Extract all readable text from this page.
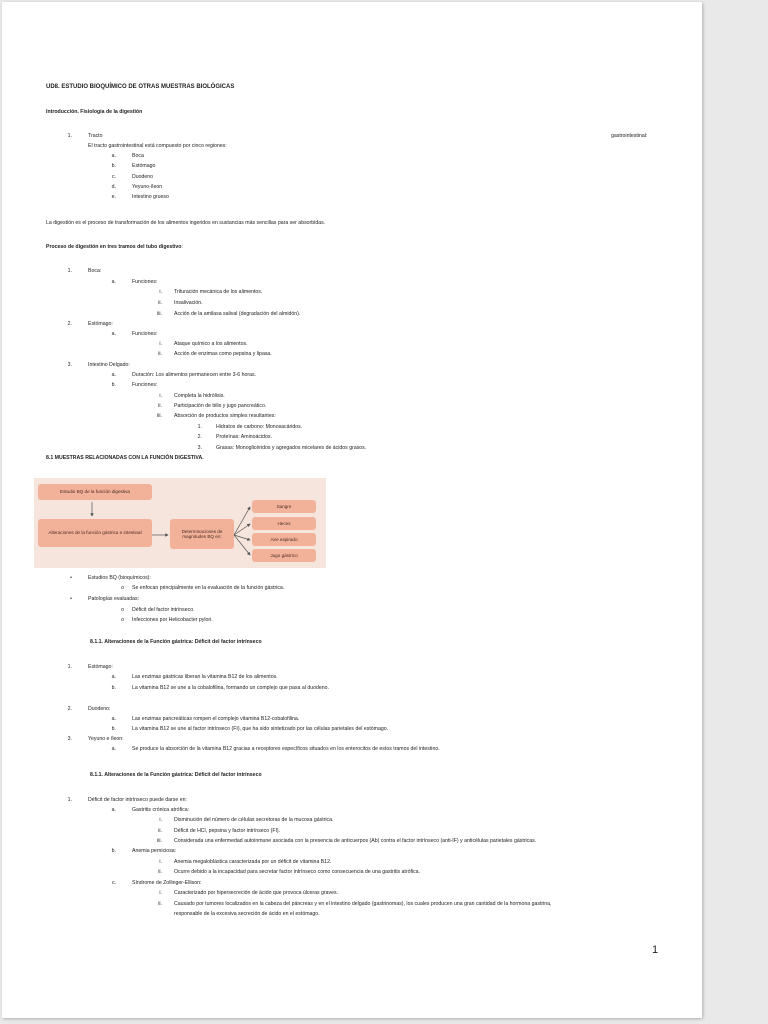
UD8. ESTUDIO BIOQUÍMICO DE OTRAS MUESTRAS BIOLÓGICAS
Introducción. Fisiología de la digestión
1.	Tracto	gastrointestinal:
El tracto gastrointestinal está compuesto por cinco regiones:
a.	Boca
b.	Estómago
c.	Duodeno
d.	Yeyuno-íleon
e.	Intestino grueso
La digestión es el proceso de transformación de los alimentos ingeridos en sustancias más sencillas para ser absorbidas.
Proceso de digestión en tres tramos del tubo digestivo:
1.	Boca:
a.	Funciones:
i. Trituración mecánica de los alimentos.
ii. Insalivación.
iii. Acción de la amilasa salival (degradación del almidón).
2.	Estómago:
a.	Funciones:
i. Ataque químico a los alimentos.
ii. Acción de enzimas como pepsina y lipasa.
3.	Intestino Delgado:
a.	Duración: Los alimentos permanecen entre 3-6 horas.
b.	Funciones:
i. Completa la hidrólisis.
ii. Participación de bilis y jugo pancreático.
iii. Absorción de productos simples resultantes:
1.	Hidratos de carbono: Monosacáridos.
2.	Proteínas: Aminoácidos.
3.	Grasas: Monoglicéridos y agregados micelares de ácidos grasos.
8.1 MUESTRAS RELACIONADAS CON LA FUNCIÓN DIGESTIVA.
Estudio BQ de la función digestiva
Alteraciones de la función gástrica e intestinal	Determinaciones de magnitudes BQ en:
Sangre
Heces
Aire espirado
Jugo gástrico
•	Estudios BQ (bioquímicos):
o Se enfocan principalmente en la evaluación de la función gástrica.
•	Patologías evaluadas:
o Déficit del factor intrínseco.
o Infecciones por Helicobacter pylori.
8.1.1. Alteraciones de la Función gástrica: Déficit del factor intrínseco
1.	Estómago:
a.	Las enzimas gástricas liberan la vitamina B12 de los alimentos.
b.	La vitamina B12 se une a la cobalofilina, formando un complejo que pasa al duodeno.
2.	Duodeno:
a.	Las enzimas pancreáticas rompen el complejo vitamina B12-cobalofilina.
b.	La vitamina B12 se une al factor intrínseco (FI), que ha sido sintetizado por las células parietales del estómago.
3.	Yeyuno e íleon:
a.	Se produce la absorción de la vitamina B12 gracias a receptores específicos situados en los enterocitos de estos tramos del intestino.
8.1.1. Alteraciones de la Función gástrica: Déficit del factor intrínseco
1.	Déficit de factor intrínseco puede darse en:
a.	Gastritis crónica atrófica:
i. Disminución del número de células secretoras de la mucosa gástrica.
ii. Déficit de HCl, pepsina y factor intrínseco (FI).
iii. Considerada una enfermedad autoinmune asociada con la presencia de anticuerpos (Ab) contra el factor intrínseco (anti-IF) y anticélulas parietales gástricas.
b.	Anemia perniciosa:
i. Anemia megaloblástica caracterizada por un déficit de vitamina B12.
ii. Ocurre debido a la incapacidad para secretar factor intrínseco como consecuencia de una gastritis atrófica.
c.	Síndrome de Zollinger-Ellison:
i. Caracterizado por hipersecreción de ácido que provoca úlceras graves.
ii. Causado por tumores localizados en la cabeza del páncreas y en el intestino delgado (gastrinomas), los cuales producen una gran cantidad de la hormona gastrina,
responsable de la excesiva secreción de ácido en el estómago.
1
